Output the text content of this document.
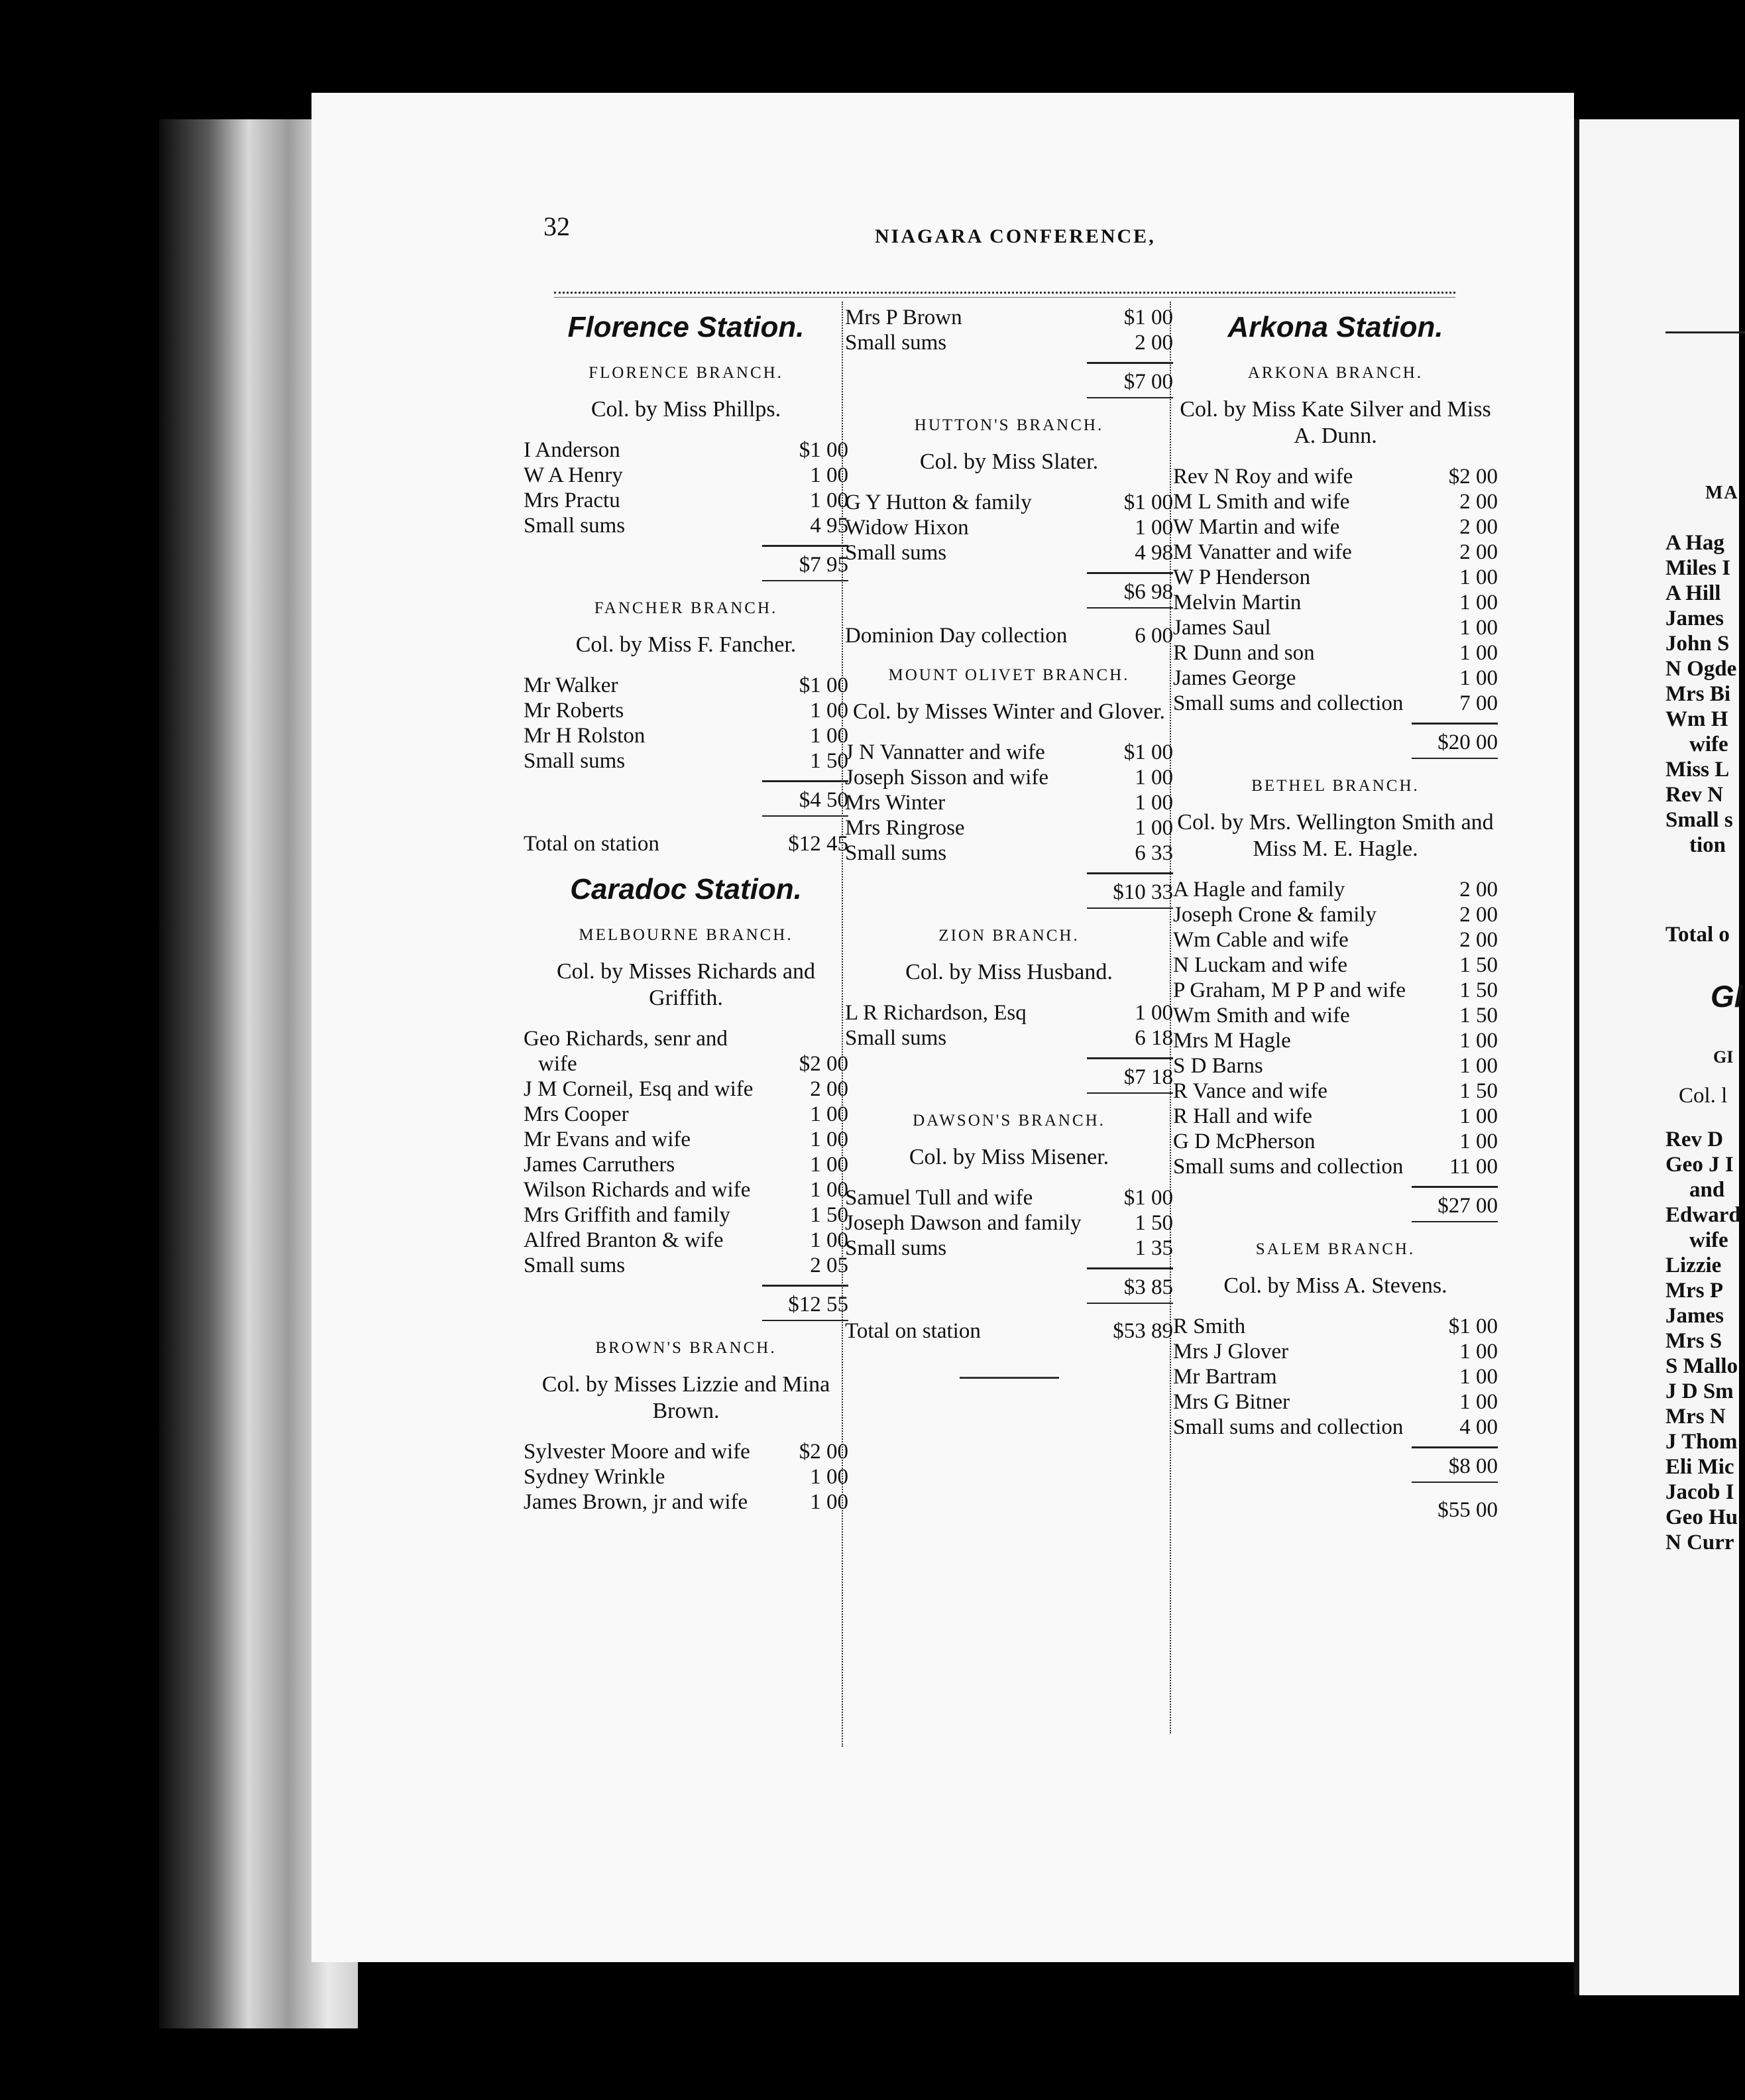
32	NIAGARA CONFERENCE,
Florence Station.
FLORENCE BRANCH.
Col. by Miss Phillps.
I Anderson	$1 00
W A Henry	1 00
Mrs Practu	1 00
Small sums	4 95
$7 95
FANCHER BRANCH.
Col. by Miss F. Fancher.
Mr Walker	$1 00
Mr Roberts	1 00
Mr H Rolston	1 00
Small sums	1 50
$4 50
Total on station	$12 45
Caradoc Station.
MELBOURNE BRANCH.
Col. by Misses Richards and Griffith.
Geo Richards, senr and wife	$2 00
J M Corneil, Esq and wife	2 00
Mrs Cooper	1 00
Mr Evans and wife	1 00
James Carruthers	1 00
Wilson Richards and wife	1 00
Mrs Griffith and family	1 50
Alfred Branton & wife	1 00
Small sums	2 05
$12 55
BROWN'S BRANCH.
Col. by Misses Lizzie and Mina Brown.
Sylvester Moore and wife	$2 00
Sydney Wrinkle	1 00
James Brown, jr and wife	1 00
Mrs P Brown	$1 00
Small sums	2 00
$7 00
HUTTON'S BRANCH.
Col. by Miss Slater.
G Y Hutton & family	$1 00
Widow Hixon	1 00
Small sums	4 98
$6 98
Dominion Day collection	6 00
MOUNT OLIVET BRANCH.
Col. by Misses Winter and Glover.
J N Vannatter and wife	$1 00
Joseph Sisson and wife	1 00
Mrs Winter	1 00
Mrs Ringrose	1 00
Small sums	6 33
$10 33
ZION BRANCH.
Col. by Miss Husband.
L R Richardson, Esq	1 00
Small sums	6 18
$7 18
DAWSON'S BRANCH.
Col. by Miss Misener.
Samuel Tull and wife	$1 00
Joseph Dawson and family	1 50
Small sums	1 35
$3 85
Total on station	$53 89
Arkona Station.
ARKONA BRANCH.
Col. by Miss Kate Silver and Miss A. Dunn.
Rev N Roy and wife	$2 00
M L Smith and wife	2 00
W Martin and wife	2 00
M Vanatter and wife	2 00
W P Henderson	1 00
Melvin Martin	1 00
James Saul	1 00
R Dunn and son	1 00
James George	1 00
Small sums and collection	7 00
$20 00
BETHEL BRANCH.
Col. by Mrs. Wellington Smith and Miss M. E. Hagle.
A Hagle and family	2 00
Joseph Crone & family	2 00
Wm Cable and wife	2 00
N Luckam and wife	1 50
P Graham, M P P and wife	1 50
Wm Smith and wife	1 50
Mrs M Hagle	1 00
S D Barns	1 00
R Vance and wife	1 50
R Hall and wife	1 00
G D McPherson	1 00
Small sums and collection	11 00
$27 00
SALEM BRANCH.
Col. by Miss A. Stevens.
R Smith	$1 00
Mrs J Glover	1 00
Mr Bartram	1 00
Mrs G Bitner	1 00
Small sums and collection	4 00
$8 00
$55 00
MA
A Hag
Miles I
A Hill
James
John S
N Ogde
Mrs Bi
Wm H
wife
Miss L
Rev N
Small s
tion
Total o
Gl
GI
Col. l
Rev D
Geo J I
and
Edward
wife
Lizzie
Mrs P
James
Mrs S
S Mallo
J D Sm
Mrs N
J Thom
Eli Mic
Jacob I
Geo Hu
N Curr
